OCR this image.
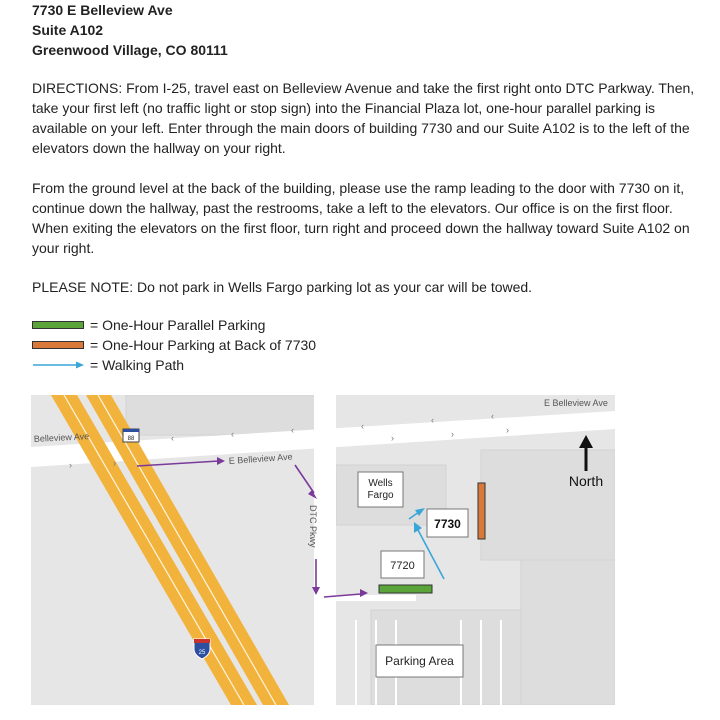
7730 E Belleview Ave
Suite A102
Greenwood Village, CO 80111
DIRECTIONS: From I-25, travel east on Belleview Avenue and take the first right onto DTC Parkway. Then, take your first left (no traffic light or stop sign) into the Financial Plaza lot, one-hour parallel parking is available on your left. Enter through the main doors of building 7730 and our Suite A102 is to the left of the elevators down the hallway on your right.
From the ground level at the back of the building, please use the ramp leading to the door with 7730 on it, continue down the hallway, past the restrooms, take a left to the elevators. Our office is on the first floor. When exiting the elevators on the first floor, turn right and proceed down the hallway toward Suite A102 on your right.
PLEASE NOTE: Do not park in Wells Fargo parking lot as your car will be towed.
= One-Hour Parallel Parking
= One-Hour Parking at Back of 7730
= Walking Path
‹	‹	‹	‹
‹	‹
›	›
›	›	›
Belleview Ave
E Belleview Ave
E Belleview Ave
DTC Pkwy
88
25
Wells
Fargo
7730
7720
Parking Area
North
